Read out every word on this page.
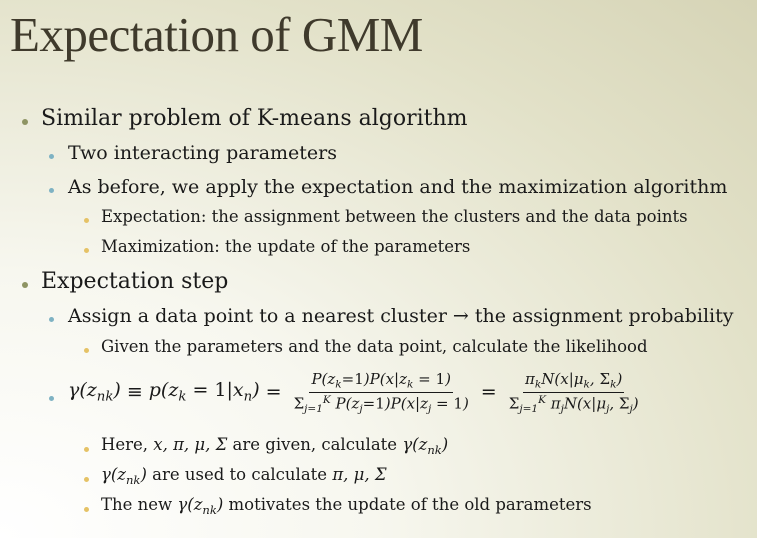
Expectation of GMM
Similar problem of K-means algorithm
Two interacting parameters
As before, we apply the expectation and the maximization algorithm
Expectation: the assignment between the clusters and the data points
Maximization: the update of the parameters
Expectation step
Assign a data point to a nearest cluster → the assignment probability
Given the parameters and the data point, calculate the likelihood
$\gamma(z_{nk}) \equiv p(z_k = 1|x_n) = \frac{P(z_k=1)P(x|z_k = 1)}{\Sigma_{j=1}^K P(z_j=1)P(x|z_j = 1)} = \frac{\pi_kN(x|\mu_k, \Sigma_k)}{\Sigma_{j=1}^K \pi_jN(x|\mu_j, \Sigma_j)}$
Here, x, π, μ, Σ are given, calculate $\gamma(z_{nk})$
$\gamma(z_{nk})$ are used to calculate π, μ, Σ
The new $\gamma(z_{nk})$ motivates the update of the old parameters
